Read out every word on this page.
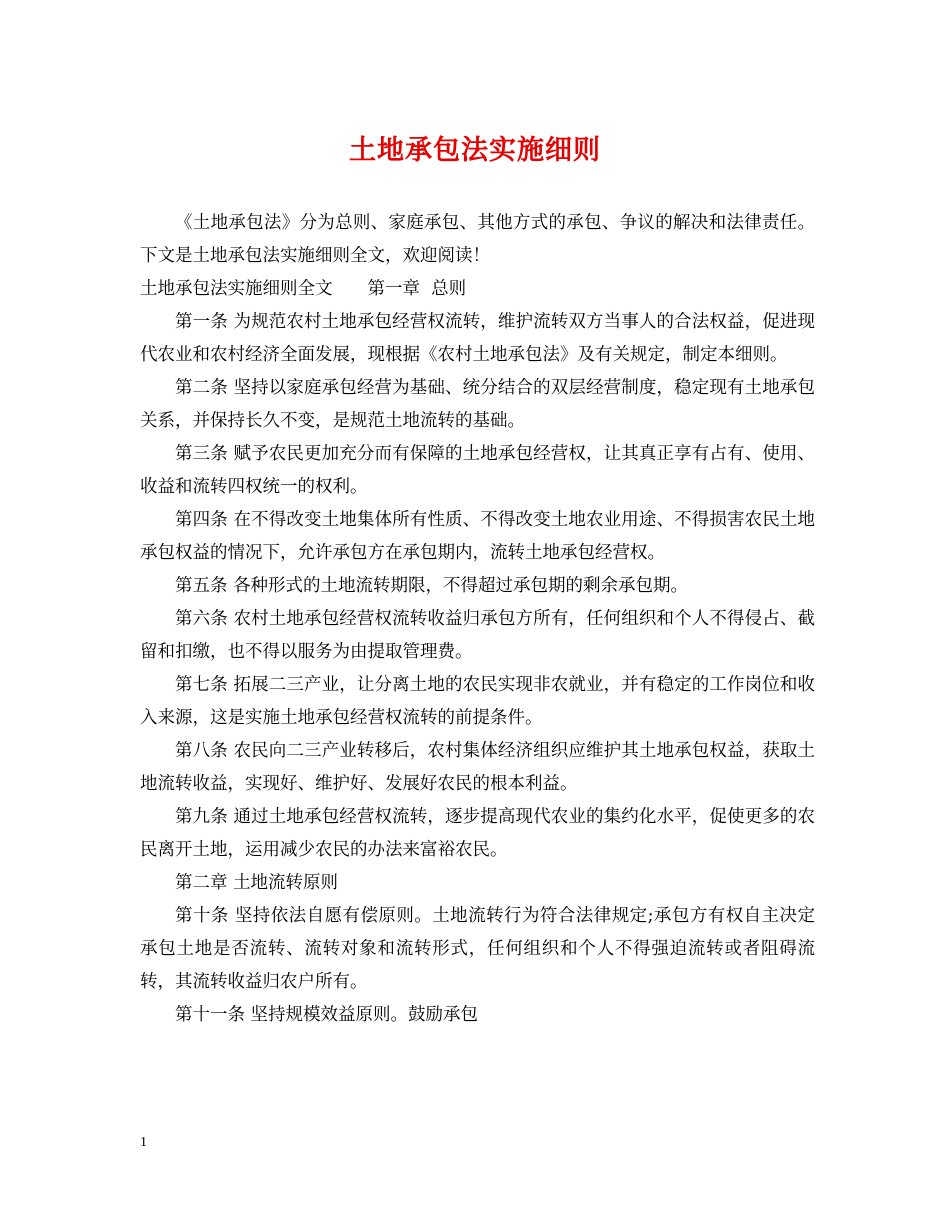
土地承包法实施细则

《土地承包法》分为总则、家庭承包、其他方式的承包、争议的解决和法律责任。下文是土地承包法实施细则全文，欢迎阅读！

土地承包法实施细则全文　　第一章  总则

第一条 为规范农村土地承包经营权流转，维护流转双方当事人的合法权益，促进现代农业和农村经济全面发展，现根据《农村土地承包法》及有关规定，制定本细则。

第二条 坚持以家庭承包经营为基础、统分结合的双层经营制度，稳定现有土地承包关系，并保持长久不变，是规范土地流转的基础。

第三条 赋予农民更加充分而有保障的土地承包经营权，让其真正享有占有、使用、收益和流转四权统一的权利。

第四条 在不得改变土地集体所有性质、不得改变土地农业用途、不得损害农民土地承包权益的情况下，允许承包方在承包期内，流转土地承包经营权。

第五条 各种形式的土地流转期限，不得超过承包期的剩余承包期。

第六条 农村土地承包经营权流转收益归承包方所有，任何组织和个人不得侵占、截留和扣缴，也不得以服务为由提取管理费。

第七条 拓展二三产业，让分离土地的农民实现非农就业，并有稳定的工作岗位和收入来源，这是实施土地承包经营权流转的前提条件。

第八条 农民向二三产业转移后，农村集体经济组织应维护其土地承包权益，获取土地流转收益，实现好、维护好、发展好农民的根本利益。

第九条 通过土地承包经营权流转，逐步提高现代农业的集约化水平，促使更多的农民离开土地，运用减少农民的办法来富裕农民。

第二章 土地流转原则

第十条 坚持依法自愿有偿原则。土地流转行为符合法律规定;承包方有权自主决定承包土地是否流转、流转对象和流转形式，任何组织和个人不得强迫流转或者阻碍流转，其流转收益归农户所有。

第十一条 坚持规模效益原则。鼓励承包

1
